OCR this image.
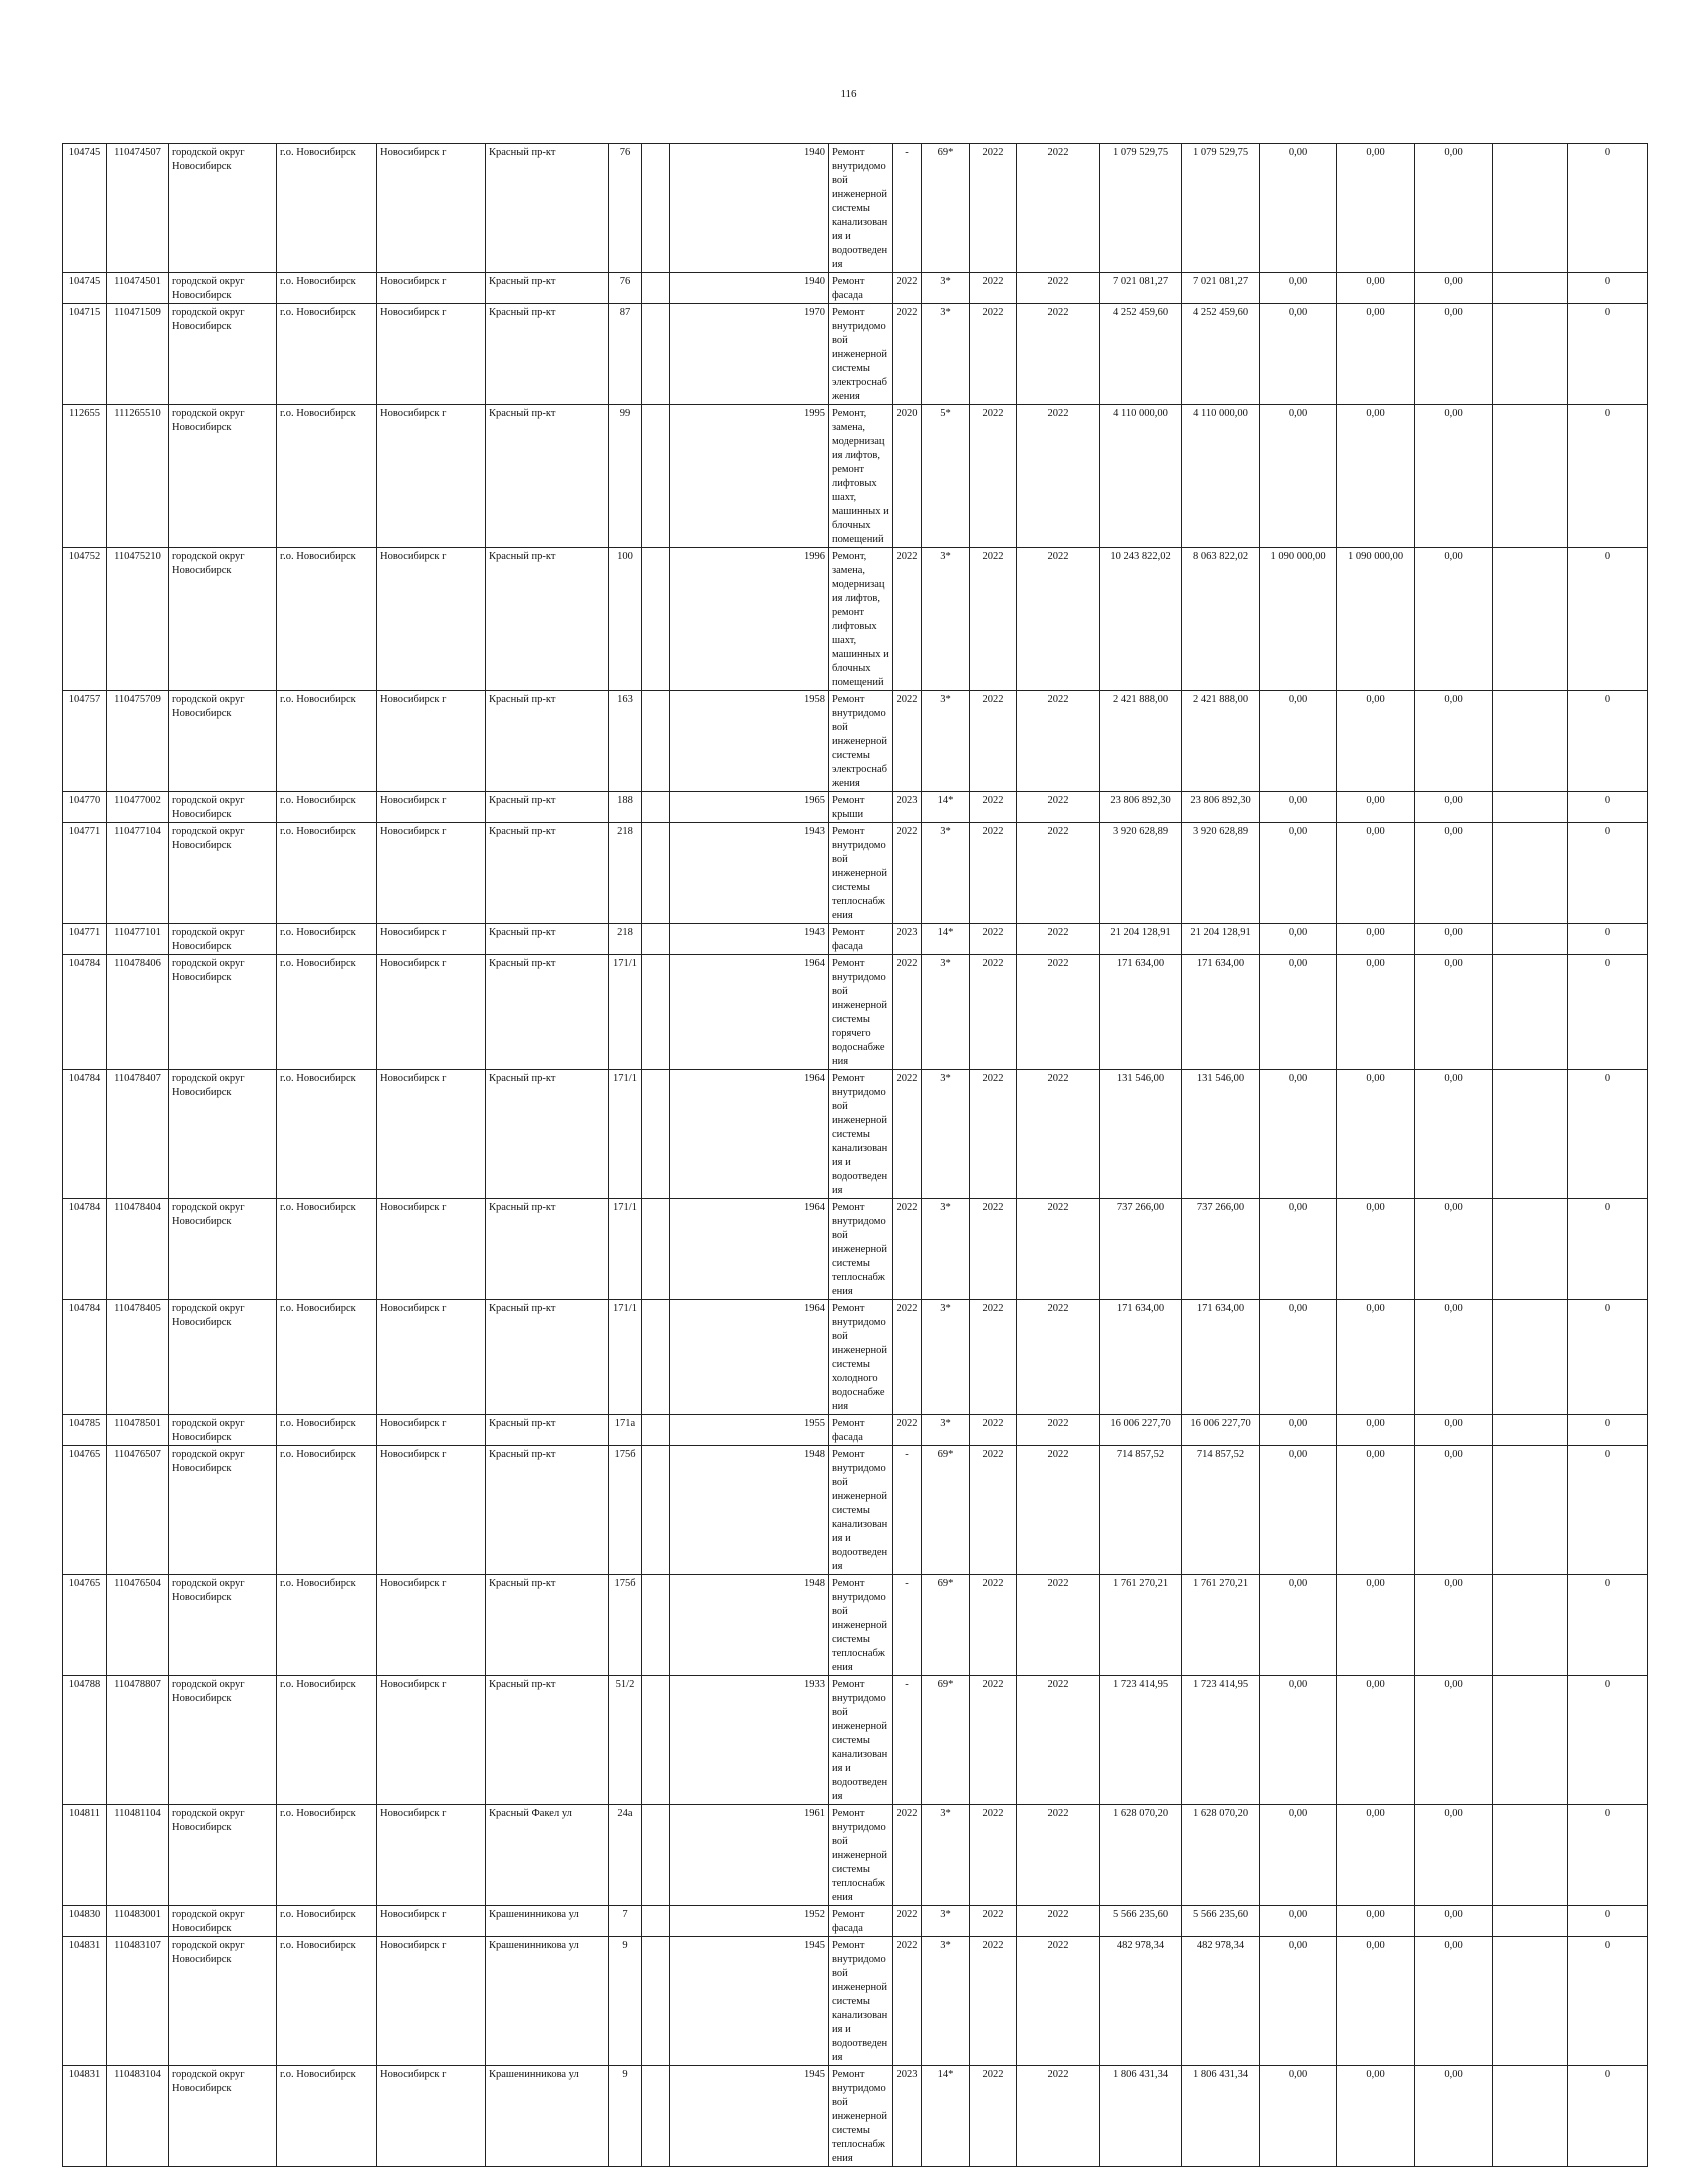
116
104745	110474507	городской округ Новосибирск	г.о. Новосибирск	Новосибирск г	Красный пр-кт	76		1940	Ремонт внутридомовой инженерной системы канализования и водоотведения	-	69*	2022	2022	1 079 529,75	1 079 529,75	0,00	0,00	0,00		0
104745	110474501	городской округ Новосибирск	г.о. Новосибирск	Новосибирск г	Красный пр-кт	76		1940	Ремонт фасада	2022	3*	2022	2022	7 021 081,27	7 021 081,27	0,00	0,00	0,00		0
104715	110471509	городской округ Новосибирск	г.о. Новосибирск	Новосибирск г	Красный пр-кт	87		1970	Ремонт внутридомовой инженерной системы электроснабжения	2022	3*	2022	2022	4 252 459,60	4 252 459,60	0,00	0,00	0,00		0
112655	111265510	городской округ Новосибирск	г.о. Новосибирск	Новосибирск г	Красный пр-кт	99		1995	Ремонт, замена, модернизация лифтов, ремонт лифтовых шахт, машинных и блочных помещений	2020	5*	2022	2022	4 110 000,00	4 110 000,00	0,00	0,00	0,00		0
104752	110475210	городской округ Новосибирск	г.о. Новосибирск	Новосибирск г	Красный пр-кт	100		1996	Ремонт, замена, модернизация лифтов, ремонт лифтовых шахт, машинных и блочных помещений	2022	3*	2022	2022	10 243 822,02	8 063 822,02	1 090 000,00	1 090 000,00	0,00		0
104757	110475709	городской округ Новосибирск	г.о. Новосибирск	Новосибирск г	Красный пр-кт	163		1958	Ремонт внутридомовой инженерной системы электроснабжения	2022	3*	2022	2022	2 421 888,00	2 421 888,00	0,00	0,00	0,00		0
104770	110477002	городской округ Новосибирск	г.о. Новосибирск	Новосибирск г	Красный пр-кт	188		1965	Ремонт крыши	2023	14*	2022	2022	23 806 892,30	23 806 892,30	0,00	0,00	0,00		0
104771	110477104	городской округ Новосибирск	г.о. Новосибирск	Новосибирск г	Красный пр-кт	218		1943	Ремонт внутридомовой инженерной системы теплоснабжения	2022	3*	2022	2022	3 920 628,89	3 920 628,89	0,00	0,00	0,00		0
104771	110477101	городской округ Новосибирск	г.о. Новосибирск	Новосибирск г	Красный пр-кт	218		1943	Ремонт фасада	2023	14*	2022	2022	21 204 128,91	21 204 128,91	0,00	0,00	0,00		0
104784	110478406	городской округ Новосибирск	г.о. Новосибирск	Новосибирск г	Красный пр-кт	171/1		1964	Ремонт внутридомовой инженерной системы горячего водоснабжения	2022	3*	2022	2022	171 634,00	171 634,00	0,00	0,00	0,00		0
104784	110478407	городской округ Новосибирск	г.о. Новосибирск	Новосибирск г	Красный пр-кт	171/1		1964	Ремонт внутридомовой инженерной системы канализования и водоотведения	2022	3*	2022	2022	131 546,00	131 546,00	0,00	0,00	0,00		0
104784	110478404	городской округ Новосибирск	г.о. Новосибирск	Новосибирск г	Красный пр-кт	171/1		1964	Ремонт внутридомовой инженерной системы теплоснабжения	2022	3*	2022	2022	737 266,00	737 266,00	0,00	0,00	0,00		0
104784	110478405	городской округ Новосибирск	г.о. Новосибирск	Новосибирск г	Красный пр-кт	171/1		1964	Ремонт внутридомовой инженерной системы холодного водоснабжения	2022	3*	2022	2022	171 634,00	171 634,00	0,00	0,00	0,00		0
104785	110478501	городской округ Новосибирск	г.о. Новосибирск	Новосибирск г	Красный пр-кт	171а		1955	Ремонт фасада	2022	3*	2022	2022	16 006 227,70	16 006 227,70	0,00	0,00	0,00		0
104765	110476507	городской округ Новосибирск	г.о. Новосибирск	Новосибирск г	Красный пр-кт	175б		1948	Ремонт внутридомовой инженерной системы канализования и водоотведения	-	69*	2022	2022	714 857,52	714 857,52	0,00	0,00	0,00		0
104765	110476504	городской округ Новосибирск	г.о. Новосибирск	Новосибирск г	Красный пр-кт	175б		1948	Ремонт внутридомовой инженерной системы теплоснабжения	-	69*	2022	2022	1 761 270,21	1 761 270,21	0,00	0,00	0,00		0
104788	110478807	городской округ Новосибирск	г.о. Новосибирск	Новосибирск г	Красный пр-кт	51/2		1933	Ремонт внутридомовой инженерной системы канализования и водоотведения	-	69*	2022	2022	1 723 414,95	1 723 414,95	0,00	0,00	0,00		0
104811	110481104	городской округ Новосибирск	г.о. Новосибирск	Новосибирск г	Красный Факел ул	24а		1961	Ремонт внутридомовой инженерной системы теплоснабжения	2022	3*	2022	2022	1 628 070,20	1 628 070,20	0,00	0,00	0,00		0
104830	110483001	городской округ Новосибирск	г.о. Новосибирск	Новосибирск г	Крашенинникова ул	7		1952	Ремонт фасада	2022	3*	2022	2022	5 566 235,60	5 566 235,60	0,00	0,00	0,00		0
104831	110483107	городской округ Новосибирск	г.о. Новосибирск	Новосибирск г	Крашенинникова ул	9		1945	Ремонт внутридомовой инженерной системы канализования и водоотведения	2022	3*	2022	2022	482 978,34	482 978,34	0,00	0,00	0,00		0
104831	110483104	городской округ Новосибирск	г.о. Новосибирск	Новосибирск г	Крашенинникова ул	9		1945	Ремонт внутридомовой инженерной системы теплоснабжения	2023	14*	2022	2022	1 806 431,34	1 806 431,34	0,00	0,00	0,00		0
